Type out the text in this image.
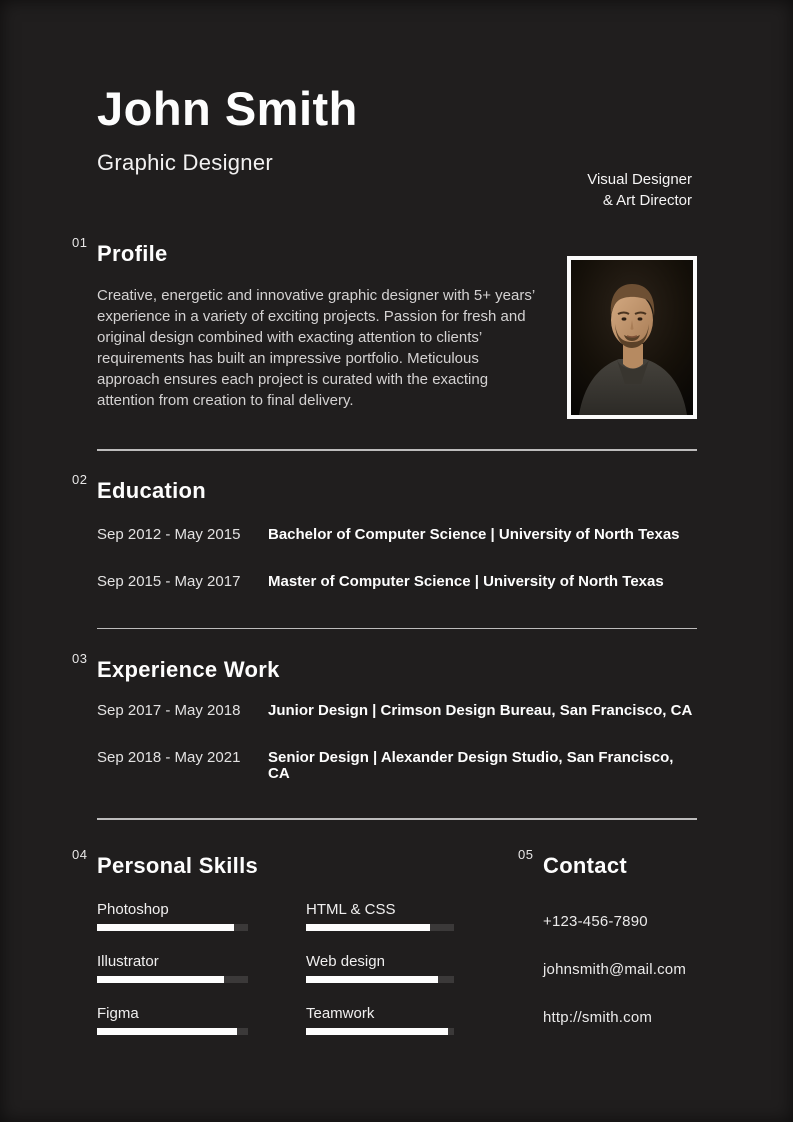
John Smith

Graphic Designer

01 Profile

Creative, energetic and innovative graphic designer with 5+ years’ experience in a variety of exciting projects. Passion for fresh and original design combined with exacting attention to clients’ requirements has built an impressive portfolio. Meticulous approach ensures each project is curated with the exacting attention from creation to final delivery.

02 Education
Sep 2012 - May 2015	Bachelor of Computer Science | University of North Texas
Sep 2015 - May 2017	Master of Computer Science | University of North Texas
03 Experience Work
Sep 2017 - May 2018	Junior Design | Crimson Design Bureau, San Francisco, CA
Sep 2018 - May 2021	Senior Design | Alexander Design Studio, San Francisco, CA
04 Personal Skills
Photoshop	HTML & CSS
Illustrator	Web design
Figma	Teamwork
05 Contact
+123-456-7890
johnsmith@mail.com
http://smith.com
Visual Designer
& Art Director
